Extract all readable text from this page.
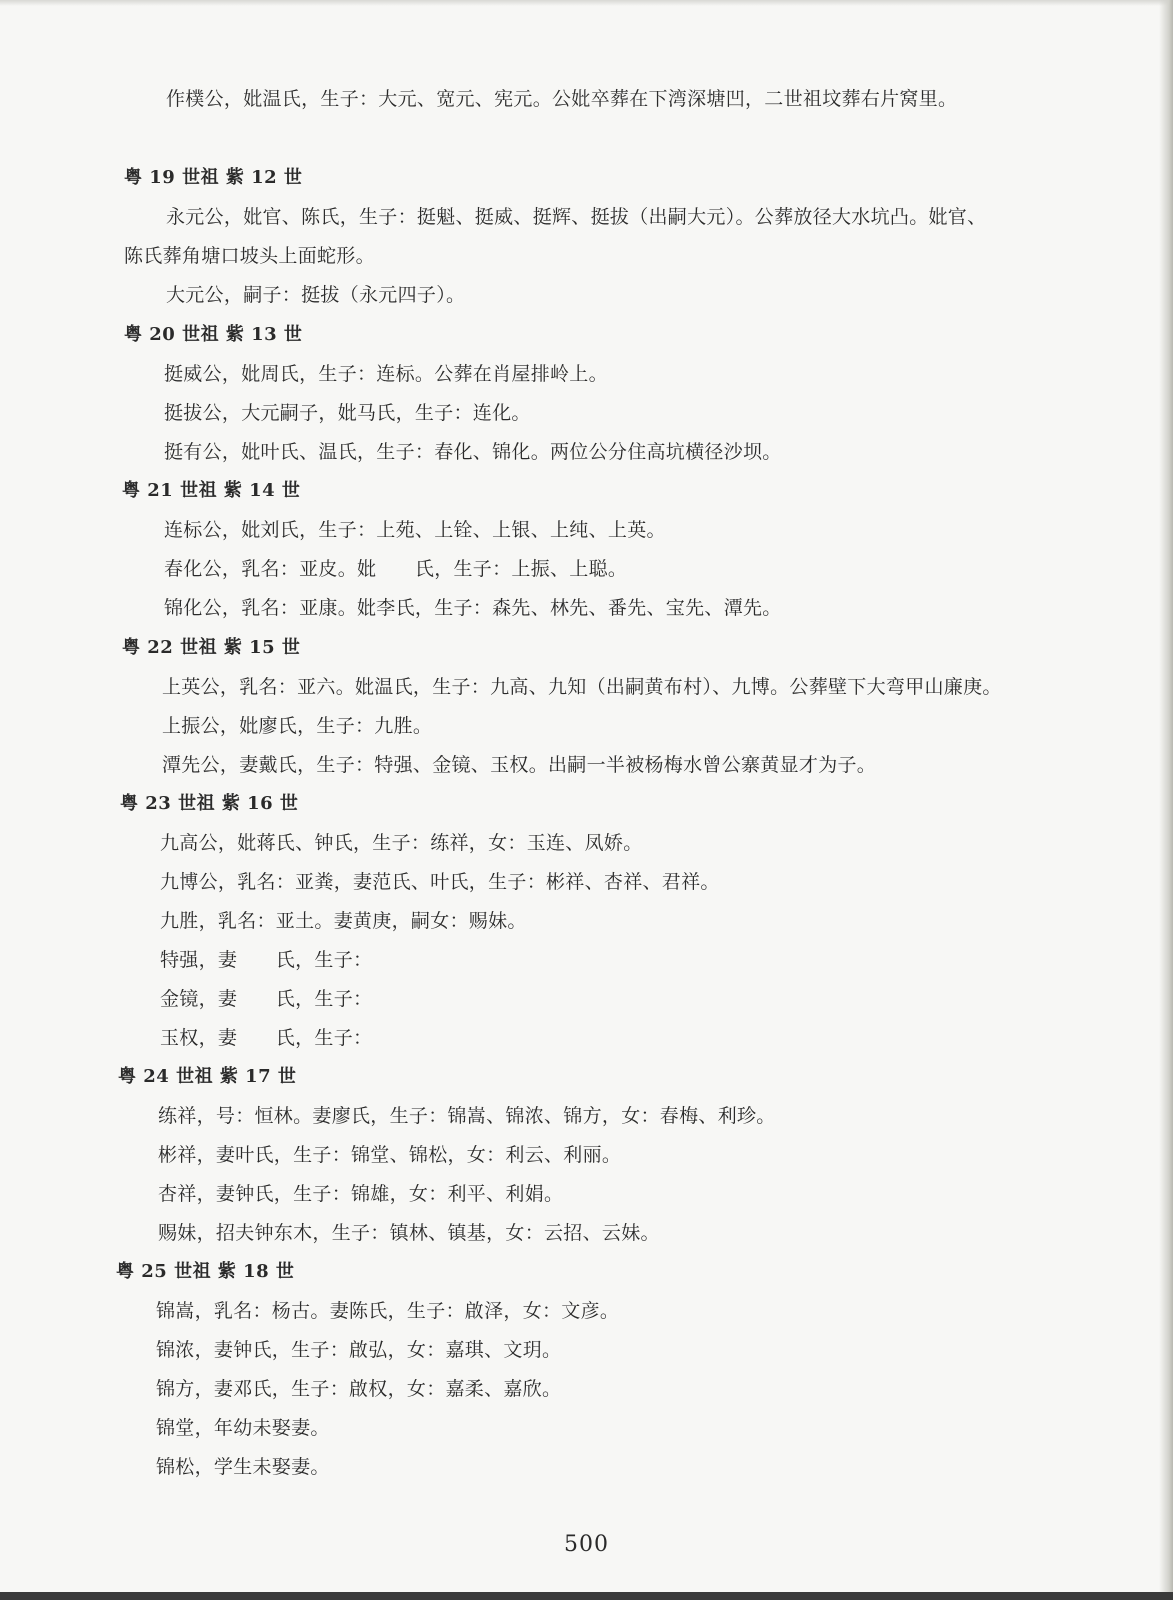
作樸公，妣温氏，生子：大元、宽元、宪元。公妣卒葬在下湾深塘凹，二世祖坟葬右片窝里。
粤 19 世祖 紫 12 世
永元公，妣官、陈氏，生子：挺魁、挺威、挺辉、挺拔（出嗣大元）。公葬放径大水坑凸。妣官、
陈氏葬角塘口坡头上面蛇形。
大元公，嗣子：挺拔（永元四子）。
粤 20 世祖 紫 13 世
挺威公，妣周氏，生子：连标。公葬在肖屋排岭上。
挺拔公，大元嗣子，妣马氏，生子：连化。
挺有公，妣叶氏、温氏，生子：春化、锦化。两位公分住高坑横径沙坝。
粤 21 世祖 紫 14 世
连标公，妣刘氏，生子：上苑、上铨、上银、上纯、上英。
春化公，乳名：亚皮。妣　　氏，生子：上振、上聪。
锦化公，乳名：亚康。妣李氏，生子：森先、林先、番先、宝先、潭先。
粤 22 世祖 紫 15 世
上英公，乳名：亚六。妣温氏，生子：九高、九知（出嗣黄布村）、九博。公葬壁下大弯甲山廉庚。
上振公，妣廖氏，生子：九胜。
潭先公，妻戴氏，生子：特强、金镜、玉权。出嗣一半被杨梅水曾公寨黄显才为子。
粤 23 世祖 紫 16 世
九高公，妣蒋氏、钟氏，生子：练祥，女：玉连、凤娇。
九博公，乳名：亚粪，妻范氏、叶氏，生子：彬祥、杏祥、君祥。
九胜，乳名：亚土。妻黄庚，嗣女：赐妹。
特强，妻　　氏，生子：
金镜，妻　　氏，生子：
玉权，妻　　氏，生子：
粤 24 世祖 紫 17 世
练祥，号：恒林。妻廖氏，生子：锦嵩、锦浓、锦方，女：春梅、利珍。
彬祥，妻叶氏，生子：锦堂、锦松，女：利云、利丽。
杏祥，妻钟氏，生子：锦雄，女：利平、利娟。
赐妹，招夫钟东木，生子：镇林、镇基，女：云招、云妹。
粤 25 世祖 紫 18 世
锦嵩，乳名：杨古。妻陈氏，生子：啟泽，女：文彦。
锦浓，妻钟氏，生子：啟弘，女：嘉琪、文玥。
锦方，妻邓氏，生子：啟权，女：嘉柔、嘉欣。
锦堂，年幼未娶妻。
锦松，学生未娶妻。
500
